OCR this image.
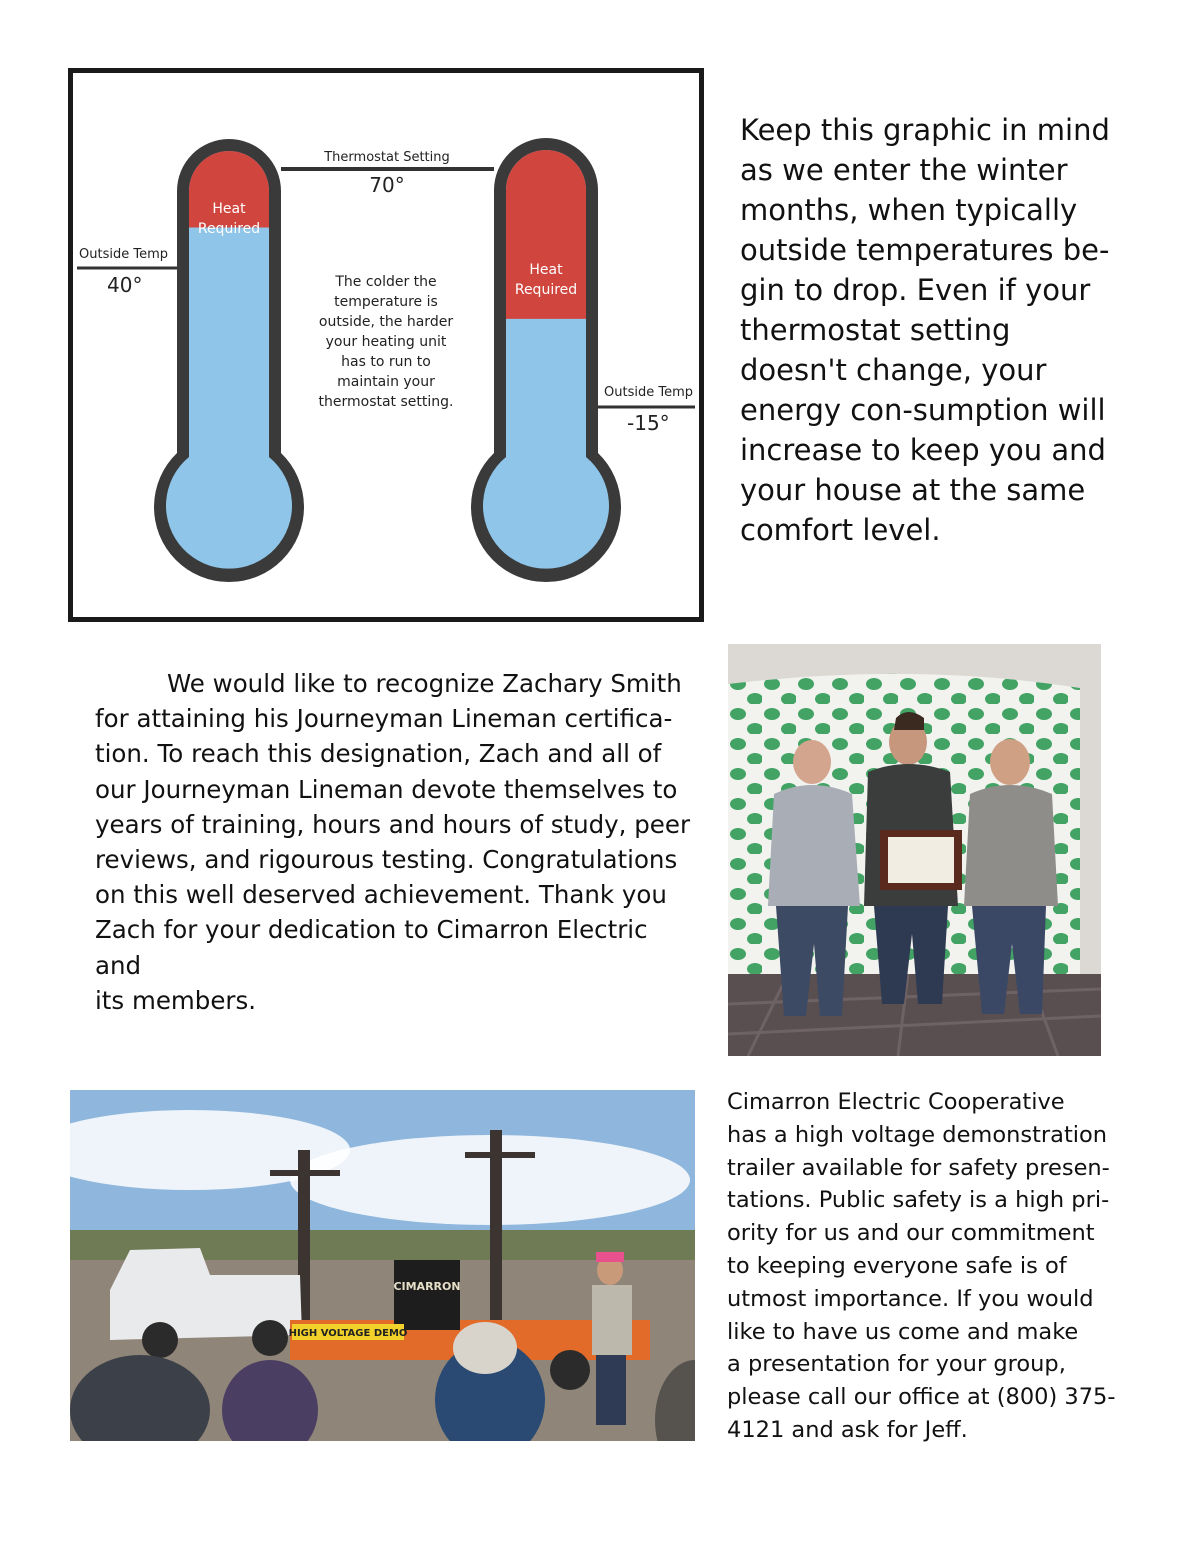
Heat
Required
Heat
Required
Thermostat Setting
70°
Outside Temp
40°
Outside Temp
-15°
The colder the
temperature is
outside, the harder
your heating unit
has to run to
maintain your
thermostat setting.

Keep this graphic in mind as we enter the winter months, when typically outside temperatures be-gin to drop. Even if your thermostat setting doesn't change, your energy con-sumption will increase to keep you and your house at the same comfort level.

We would like to recognize Zachary Smith
for attaining his Journeyman Lineman certifica-
tion. To reach this designation, Zach and all of
our Journeyman Lineman devote themselves to
years of training, hours and hours of study, peer
reviews, and rigourous testing. Congratulations
on this well deserved achievement. Thank you
Zach for your dedication to Cimarron Electric and
its members.
CIMARRON
HIGH VOLTAGE DEMO
Cimarron Electric Cooperative
has a high voltage demonstration
trailer available for safety presen-
tations. Public safety is a high pri-
ority for us and our commitment
to keeping everyone safe is of
utmost importance. If you would
like to have us come and make
a presentation for your group,
please call our office at (800) 375-
4121 and ask for Jeff.
